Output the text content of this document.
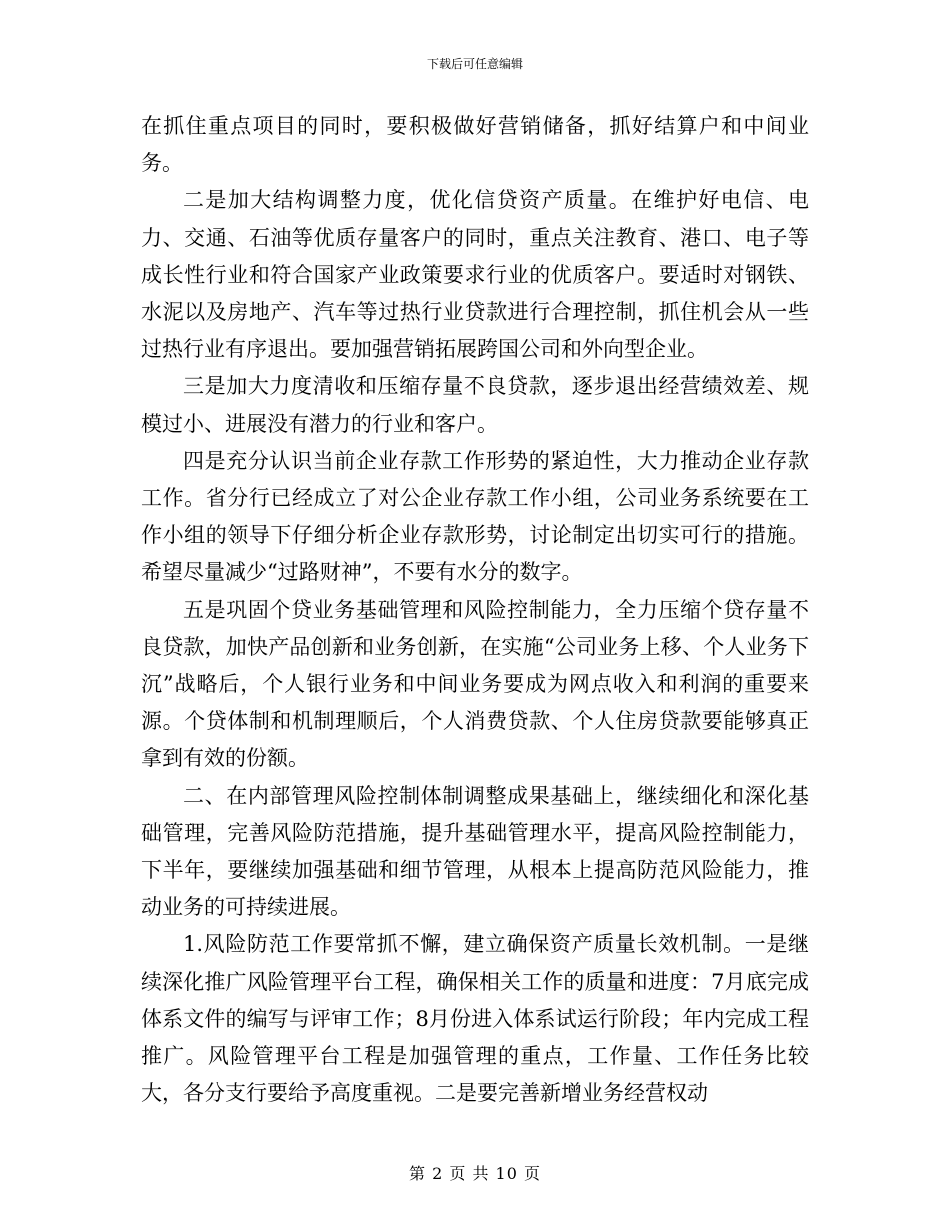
下载后可任意编辑

在抓住重点项目的同时，要积极做好营销储备，抓好结算户和中间业务。

二是加大结构调整力度，优化信贷资产质量。在维护好电信、电力、交通、石油等优质存量客户的同时，重点关注教育、港口、电子等成长性行业和符合国家产业政策要求行业的优质客户。要适时对钢铁、水泥以及房地产、汽车等过热行业贷款进行合理控制，抓住机会从一些过热行业有序退出。要加强营销拓展跨国公司和外向型企业。

三是加大力度清收和压缩存量不良贷款，逐步退出经营绩效差、规模过小、进展没有潜力的行业和客户。

四是充分认识当前企业存款工作形势的紧迫性，大力推动企业存款工作。省分行已经成立了对公企业存款工作小组，公司业务系统要在工作小组的领导下仔细分析企业存款形势，讨论制定出切实可行的措施。希望尽量减少“过路财神”，不要有水分的数字。

五是巩固个贷业务基础管理和风险控制能力，全力压缩个贷存量不良贷款，加快产品创新和业务创新，在实施“公司业务上移、个人业务下沉”战略后，个人银行业务和中间业务要成为网点收入和利润的重要来源。个贷体制和机制理顺后，个人消费贷款、个人住房贷款要能够真正拿到有效的份额。

二、在内部管理风险控制体制调整成果基础上，继续细化和深化基础管理，完善风险防范措施，提升基础管理水平，提高风险控制能力，下半年，要继续加强基础和细节管理，从根本上提高防范风险能力，推动业务的可持续进展。

1.风险防范工作要常抓不懈，建立确保资产质量长效机制。一是继续深化推广风险管理平台工程，确保相关工作的质量和进度：7月底完成体系文件的编写与评审工作；8月份进入体系试运行阶段；年内完成工程推广。风险管理平台工程是加强管理的重点，工作量、工作任务比较大，各分支行要给予高度重视。二是要完善新增业务经营权动

第 2 页 共 10 页
